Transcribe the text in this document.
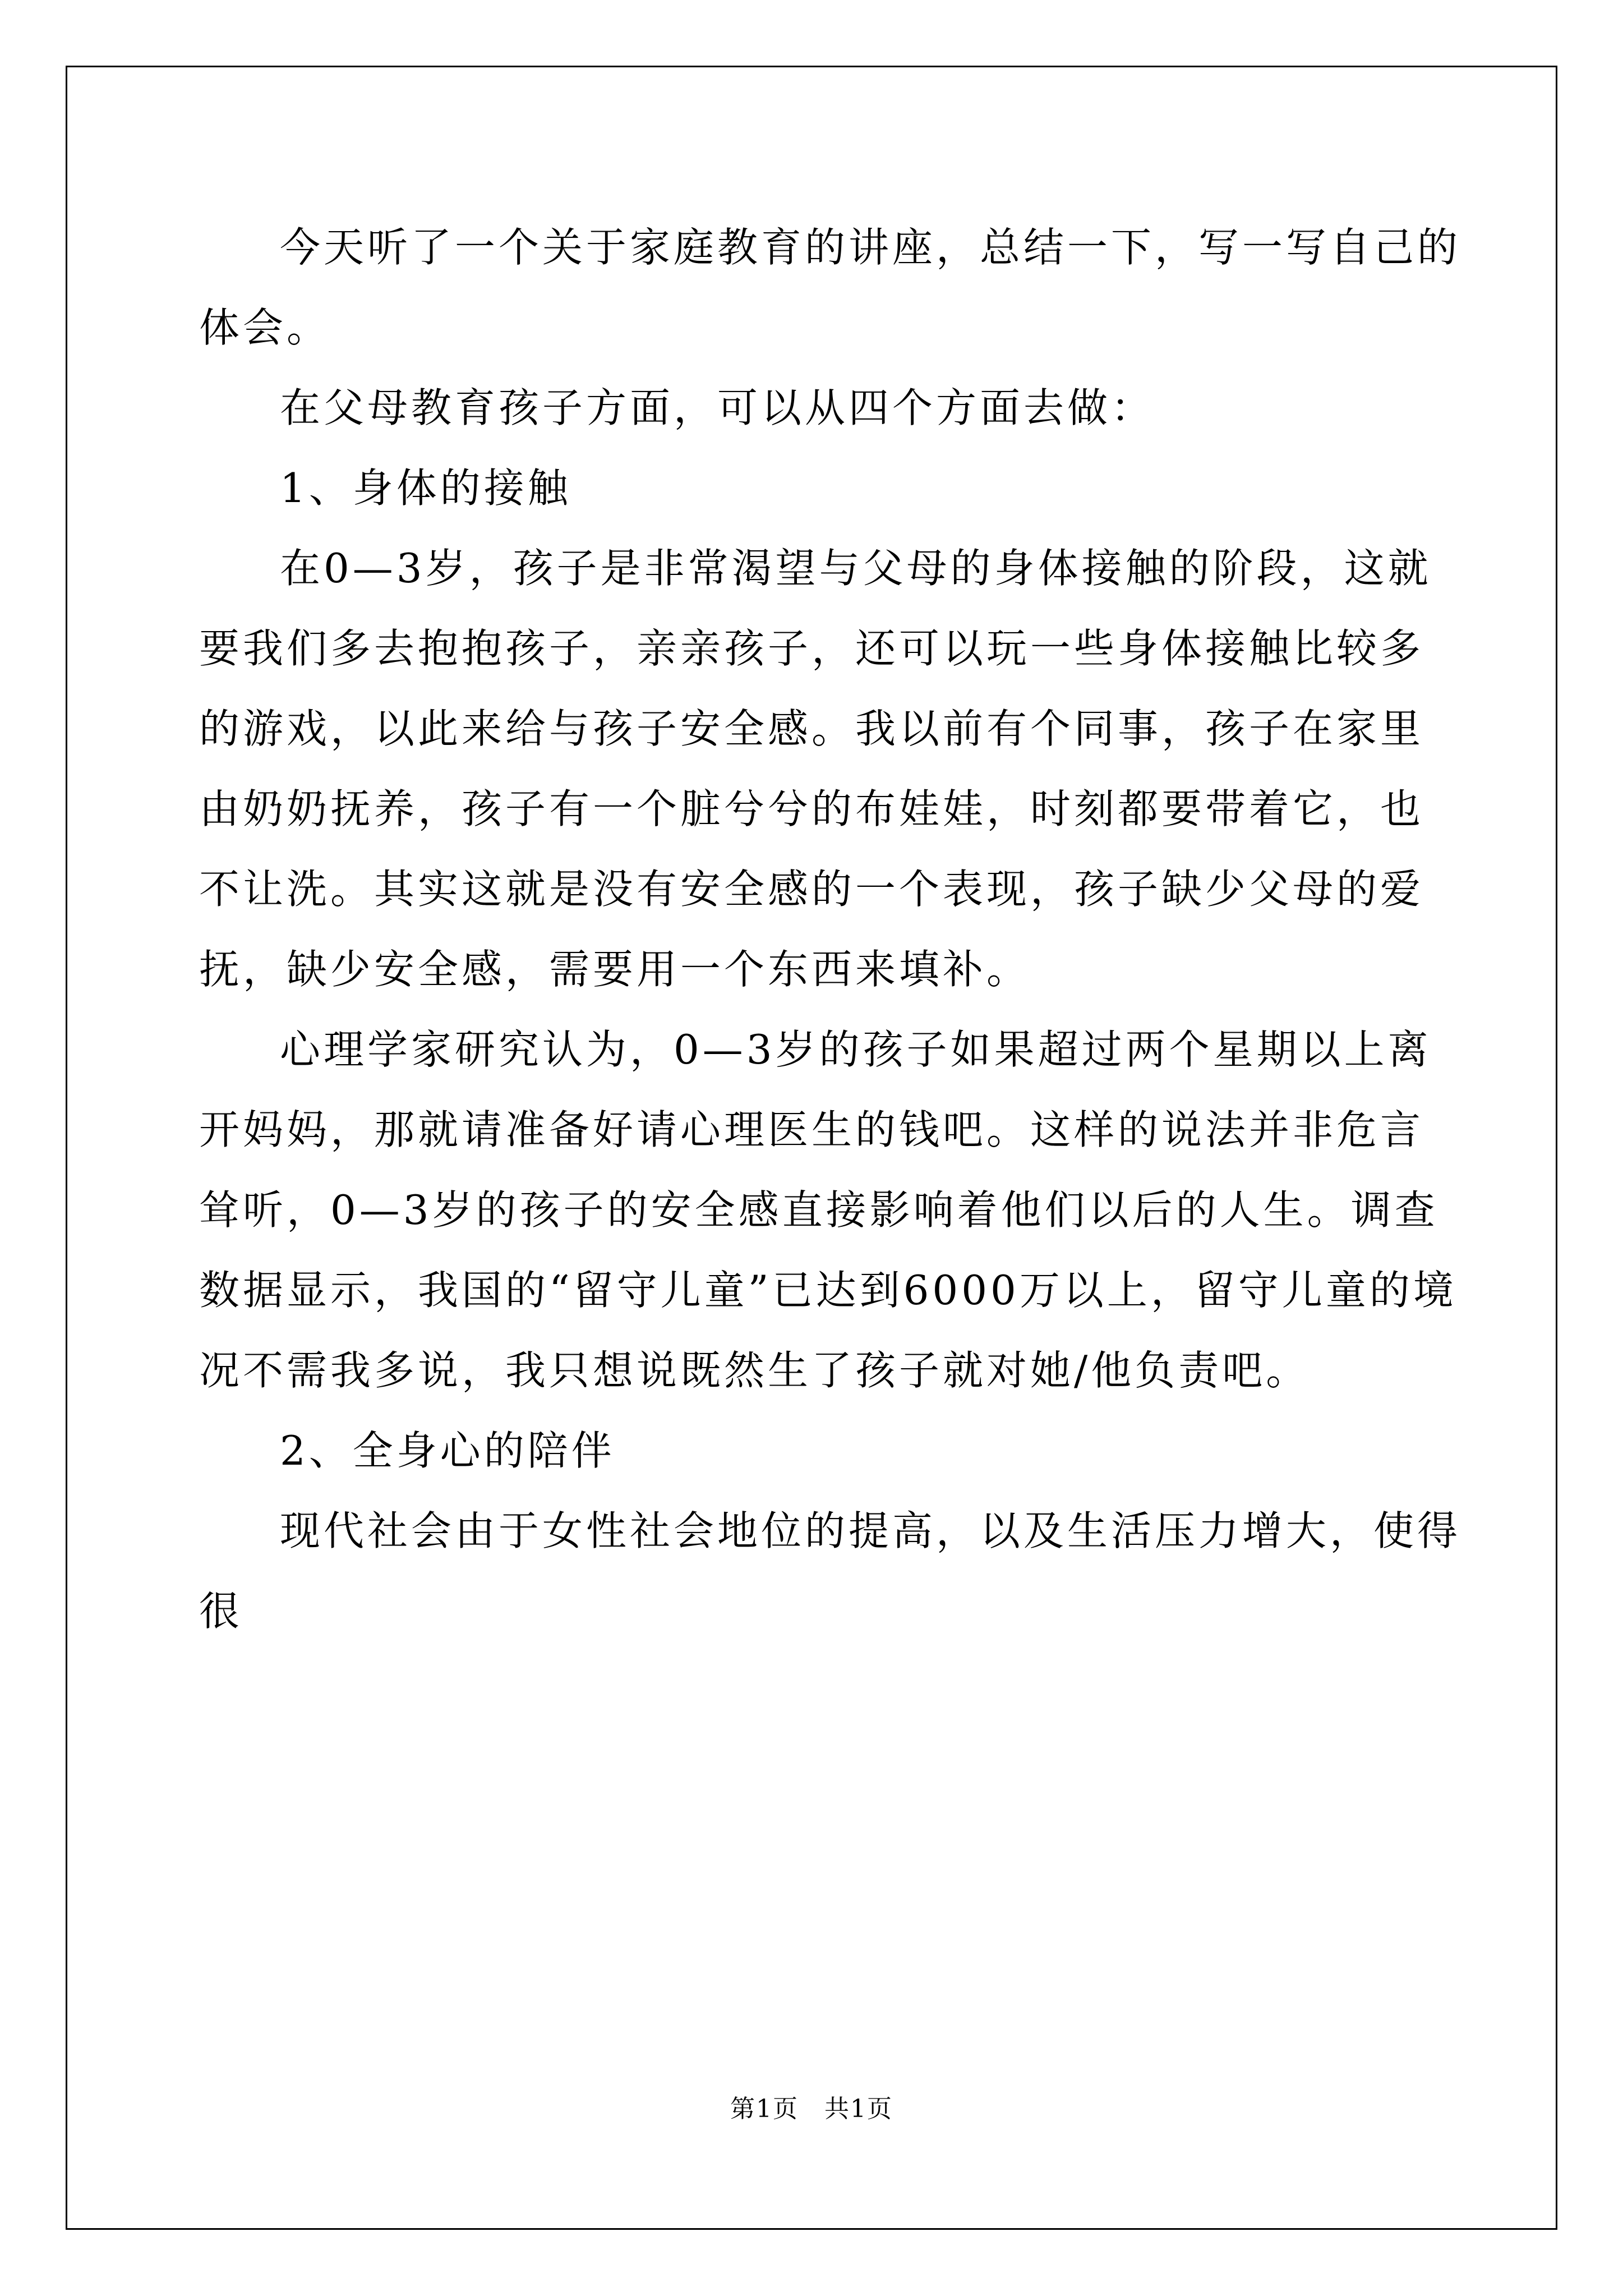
今天听了一个关于家庭教育的讲座，总结一下，写一写自己的体会。

在父母教育孩子方面，可以从四个方面去做：

1、身体的接触

在0—3岁，孩子是非常渴望与父母的身体接触的阶段，这就要我们多去抱抱孩子，亲亲孩子，还可以玩一些身体接触比较多的游戏，以此来给与孩子安全感。我以前有个同事，孩子在家里由奶奶抚养，孩子有一个脏兮兮的布娃娃，时刻都要带着它，也不让洗。其实这就是没有安全感的一个表现，孩子缺少父母的爱抚，缺少安全感，需要用一个东西来填补。

心理学家研究认为，0—3岁的孩子如果超过两个星期以上离开妈妈，那就请准备好请心理医生的钱吧。这样的说法并非危言耸听，0—3岁的孩子的安全感直接影响着他们以后的人生。调查数据显示，我国的“留守儿童”已达到6000万以上，留守儿童的境况不需我多说，我只想说既然生了孩子就对她/他负责吧。

2、全身心的陪伴

现代社会由于女性社会地位的提高，以及生活压力增大，使得很

第1页　共1页
